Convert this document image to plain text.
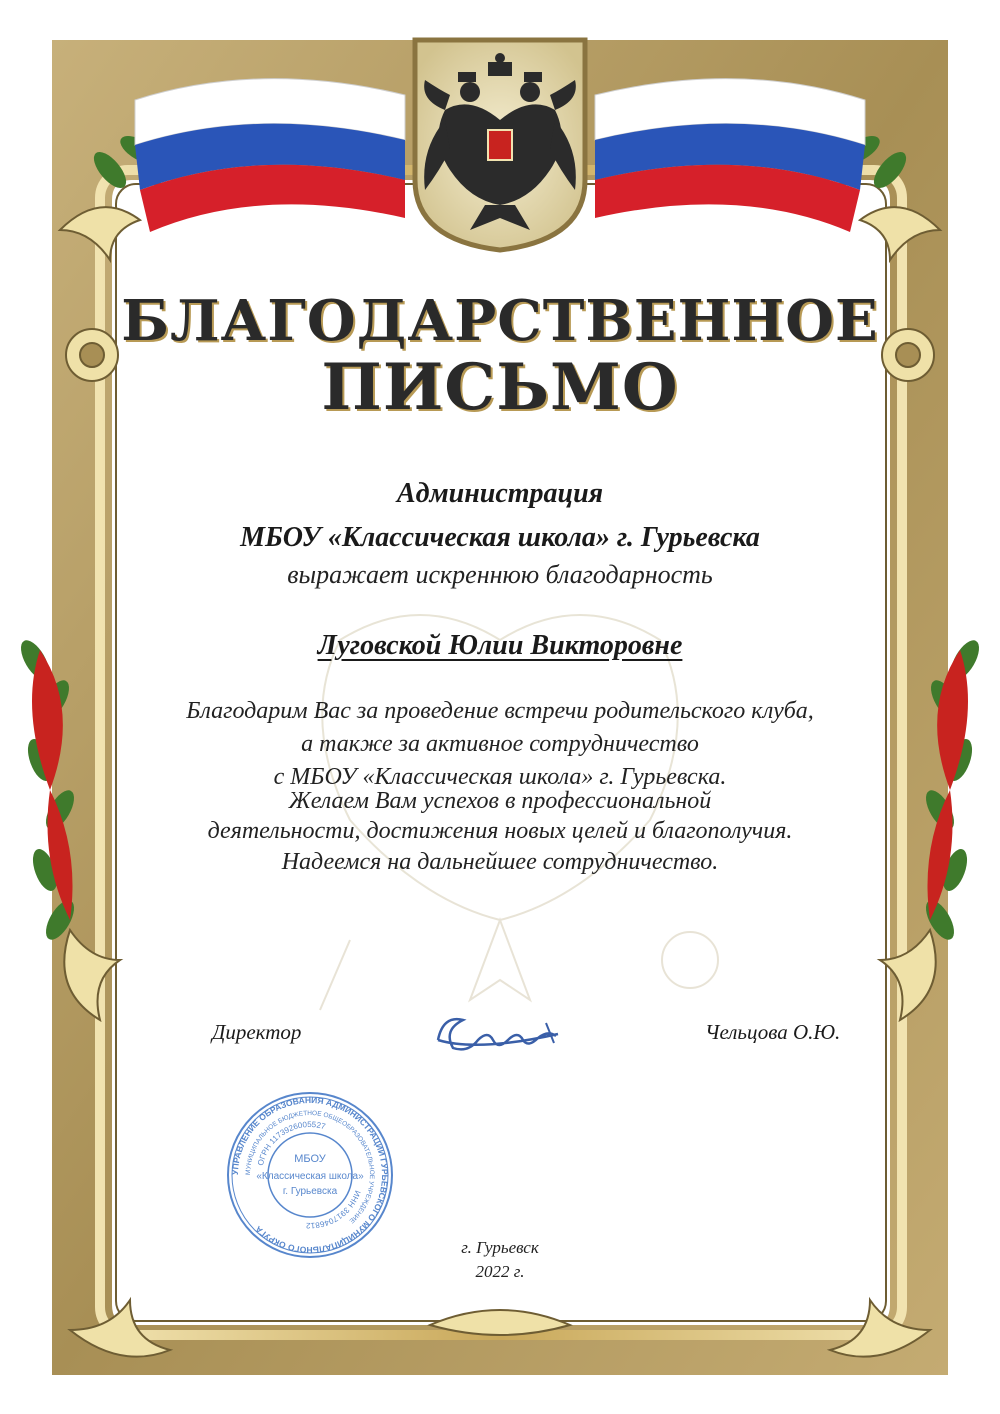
БЛАГОДАРСТВЕННОЕ
ПИСЬМО

Администрация

МБОУ «Классическая школа» г. Гурьевска

выражает искреннюю благодарность

Луговской Юлии Викторовне

Благодарим Вас за проведение встречи родительского клуба,

а также за активное сотрудничество

с МБОУ «Классическая школа» г. Гурьевска.

Желаем Вам успехов в профессиональной

деятельности, достижения новых целей и благополучия.

Надеемся на дальнейшее сотрудничество.

Директор	Чельцова О.Ю.

УПРАВЛЕНИЕ ОБРАЗОВАНИЯ АДМИНИСТРАЦИИ ГУРЬЕВСКОГО МУНИЦИПАЛЬНОГО ОКРУГА
МУНИЦИПАЛЬНОЕ БЮДЖЕТНОЕ ОБЩЕОБРАЗОВАТЕЛЬНОЕ УЧРЕЖДЕНИЕ
ОГРН 1173926005527
ИНН 3917046812
МБОУ
«Классическая школа»
г. Гурьевска

г. Гурьевск

2022 г.
